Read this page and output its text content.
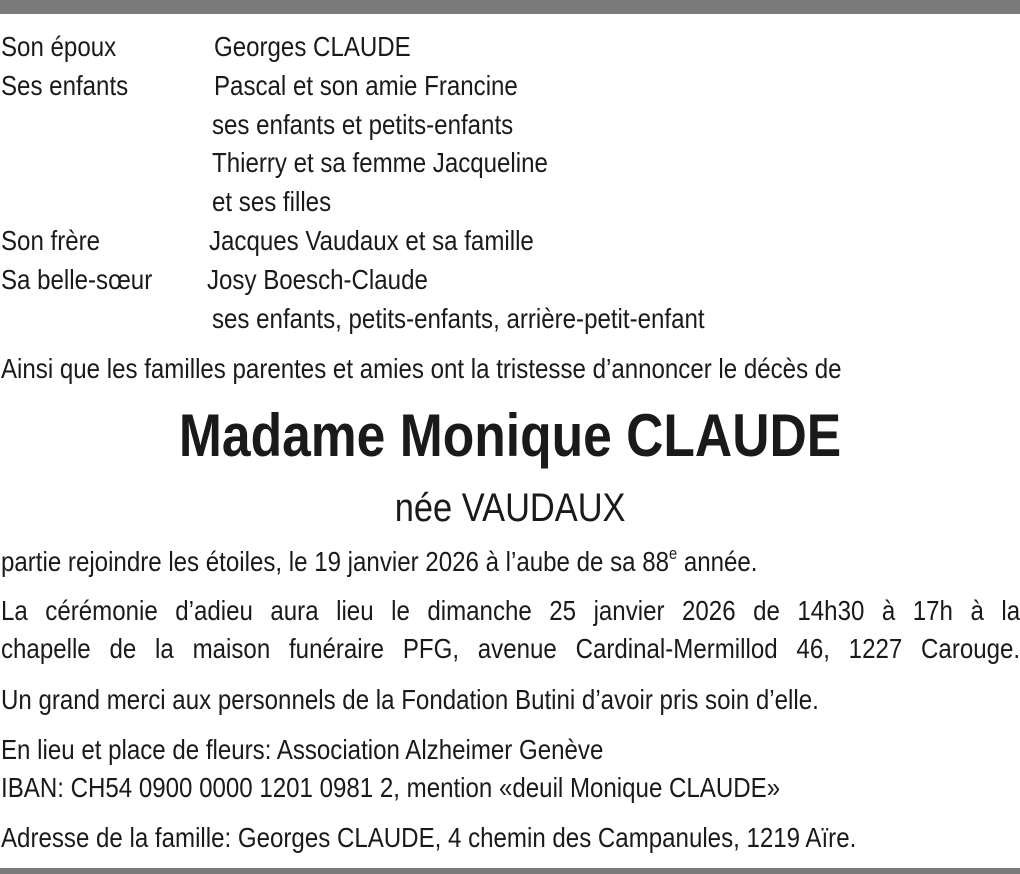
Son époux	Georges CLAUDE
Ses enfants	Pascal et son amie Francine
ses enfants et petits-enfants
Thierry et sa femme Jacqueline
et ses filles
Son frère	Jacques Vaudaux et sa famille
Sa belle-sœur Josy Boesch-Claude
ses enfants, petits-enfants, arrière-petit-enfant
Ainsi que les familles parentes et amies ont la tristesse d’annoncer le décès de
Madame Monique CLAUDE
née VAUDAUX
partie rejoindre les étoiles, le 19 janvier 2026 à l’aube de sa 88e année.
La cérémonie d’adieu aura lieu le dimanche 25 janvier 2026 de 14h30 à 17h à la
chapelle de la maison funéraire PFG, avenue Cardinal-Mermillod 46, 1227 Carouge.
Un grand merci aux personnels de la Fondation Butini d’avoir pris soin d’elle.
En lieu et place de fleurs: Association Alzheimer Genève
IBAN: CH54 0900 0000 1201 0981 2, mention «deuil Monique CLAUDE»
Adresse de la famille: Georges CLAUDE, 4 chemin des Campanules, 1219 Aïre.
